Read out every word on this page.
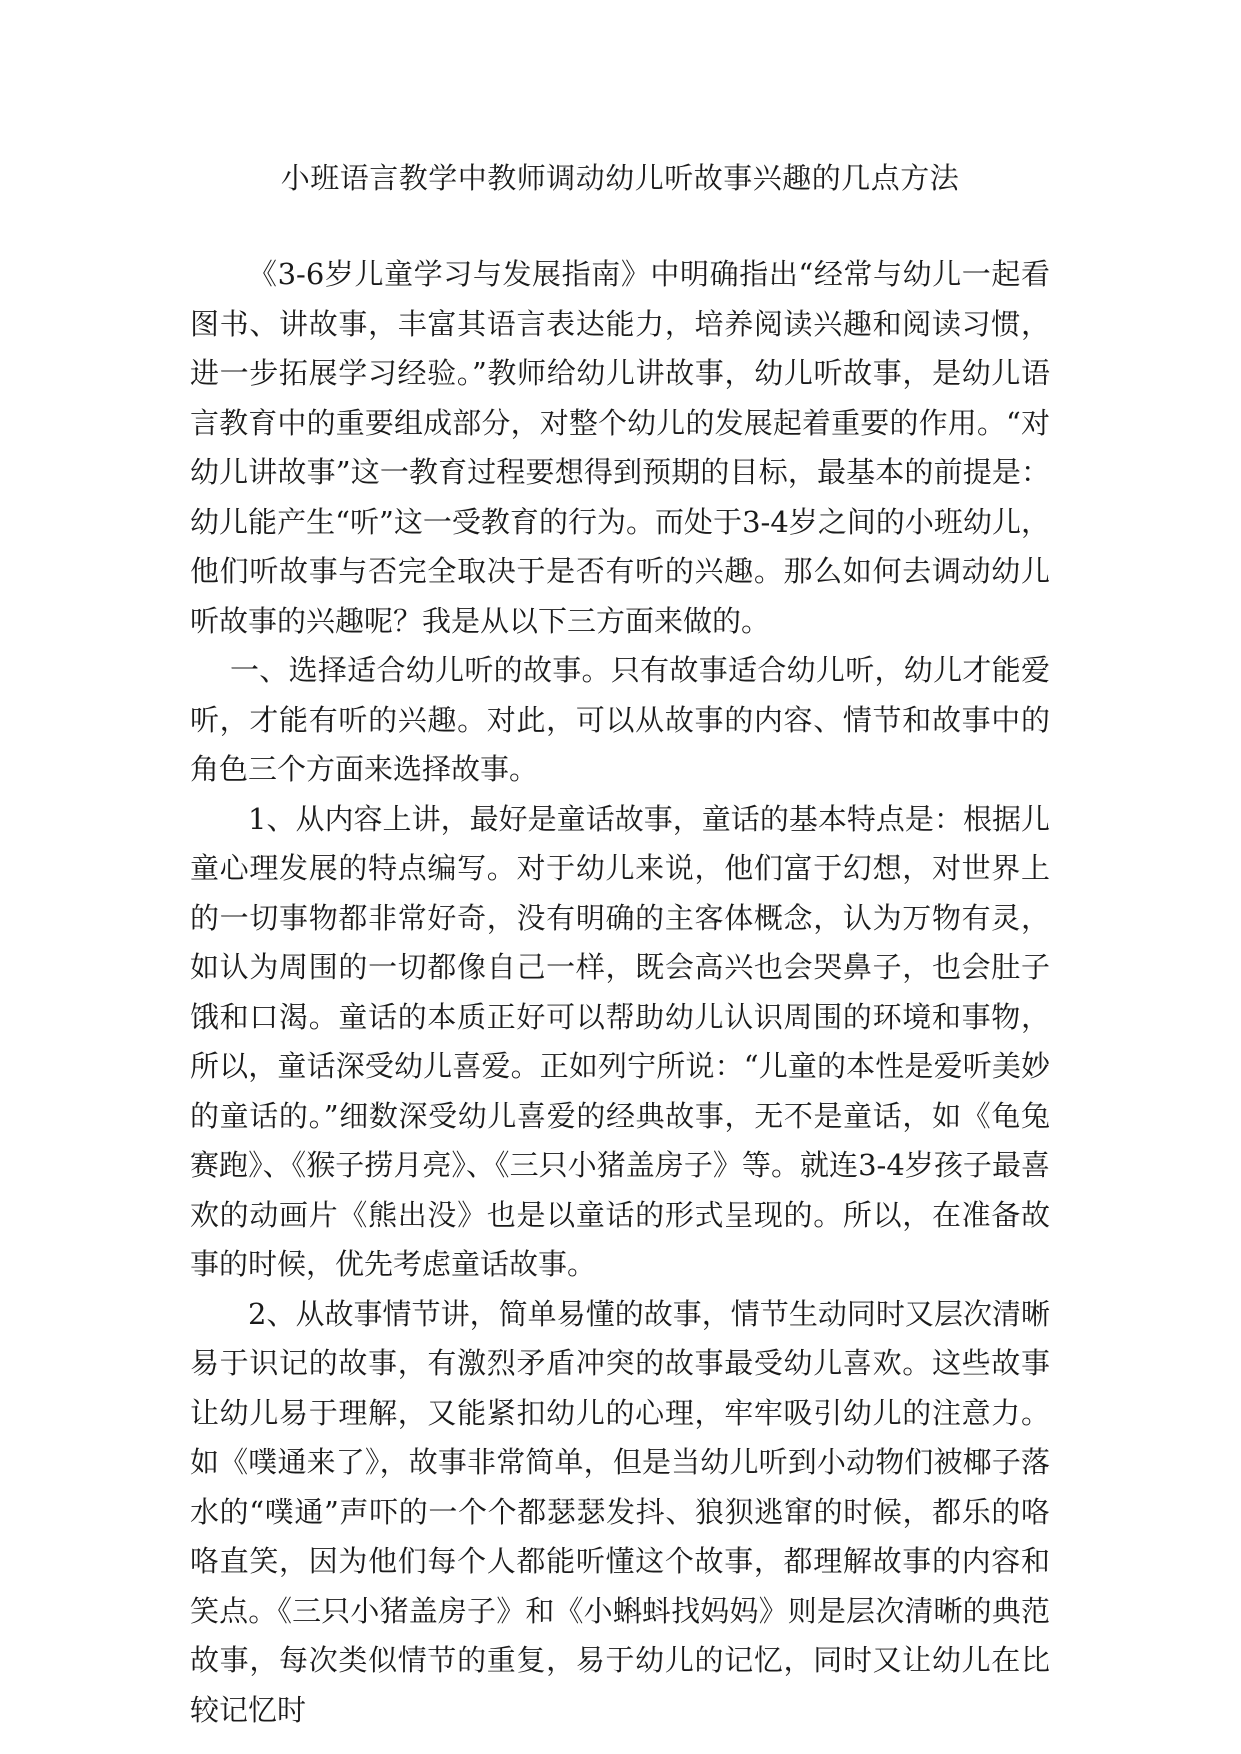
小班语言教学中教师调动幼儿听故事兴趣的几点方法

《3-6岁儿童学习与发展指南》中明确指出“经常与幼儿一起看图书、讲故事，丰富其语言表达能力，培养阅读兴趣和阅读习惯，进一步拓展学习经验。”教师给幼儿讲故事，幼儿听故事，是幼儿语言教育中的重要组成部分，对整个幼儿的发展起着重要的作用。“对幼儿讲故事”这一教育过程要想得到预期的目标，最基本的前提是：幼儿能产生“听”这一受教育的行为。而处于3-4岁之间的小班幼儿，他们听故事与否完全取决于是否有听的兴趣。那么如何去调动幼儿听故事的兴趣呢？我是从以下三方面来做的。

一、选择适合幼儿听的故事。只有故事适合幼儿听，幼儿才能爱听，才能有听的兴趣。对此，可以从故事的内容、情节和故事中的角色三个方面来选择故事。

1、从内容上讲，最好是童话故事，童话的基本特点是：根据儿童心理发展的特点编写。对于幼儿来说，他们富于幻想，对世界上的一切事物都非常好奇，没有明确的主客体概念，认为万物有灵，如认为周围的一切都像自己一样，既会高兴也会哭鼻子，也会肚子饿和口渴。童话的本质正好可以帮助幼儿认识周围的环境和事物，所以，童话深受幼儿喜爱。正如列宁所说：“儿童的本性是爱听美妙的童话的。”细数深受幼儿喜爱的经典故事，无不是童话，如《龟兔赛跑》、《猴子捞月亮》、《三只小猪盖房子》等。就连3-4岁孩子最喜欢的动画片《熊出没》也是以童话的形式呈现的。所以，在准备故事的时候，优先考虑童话故事。

2、从故事情节讲，简单易懂的故事，情节生动同时又层次清晰易于识记的故事，有激烈矛盾冲突的故事最受幼儿喜欢。这些故事让幼儿易于理解，又能紧扣幼儿的心理，牢牢吸引幼儿的注意力。如《噗通来了》，故事非常简单，但是当幼儿听到小动物们被椰子落水的“噗通”声吓的一个个都瑟瑟发抖、狼狈逃窜的时候，都乐的咯咯直笑，因为他们每个人都能听懂这个故事，都理解故事的内容和笑点。《三只小猪盖房子》和《小蝌蚪找妈妈》则是层次清晰的典范故事，每次类似情节的重复，易于幼儿的记忆，同时又让幼儿在比较记忆时
